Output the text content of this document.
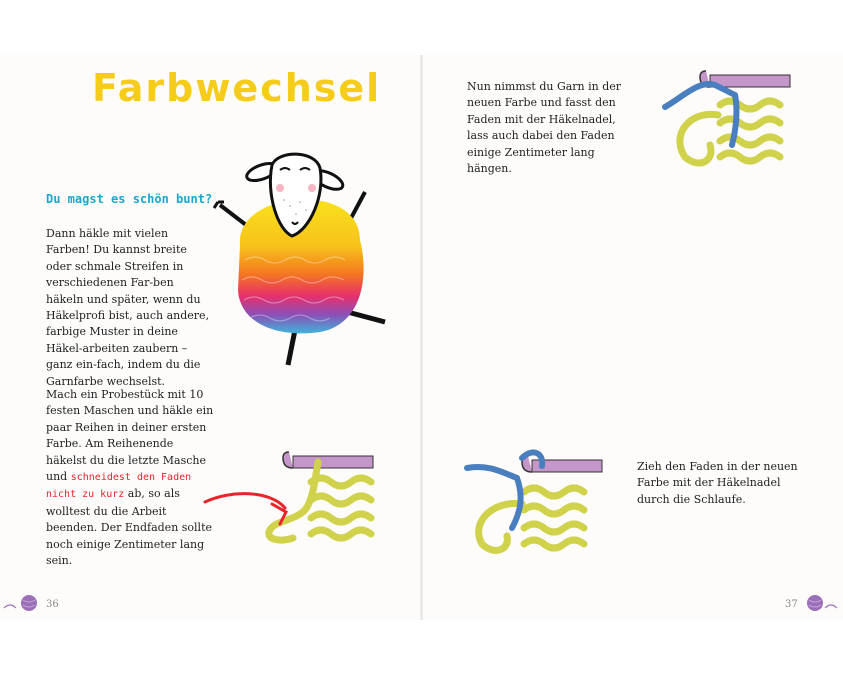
Farbwechsel
Du magst es schön bunt?

Dann häkle mit vielen Farben! Du kannst breite oder schmale Streifen in verschiedenen Far-ben häkeln und später, wenn du Häkelprofi bist, auch andere, farbige Muster in deine Häkel-arbeiten zaubern – ganz ein-fach, indem du die Garnfarbe wechselst.

Mach ein Probestück mit 10 festen Maschen und häkle ein paar Reihen in deiner ersten Farbe. Am Reihenende häkelst du die letzte Masche und schneidest den Faden nicht zu kurz ab, so als wolltest du die Arbeit beenden. Der Endfaden sollte noch einige Zentimeter lang sein.

Nun nimmst du Garn in der neuen Farbe und fasst den Faden mit der Häkelnadel, lass auch dabei den Faden einige Zentimeter lang hängen.

Zieh den Faden in der neuen Farbe mit der Häkelnadel durch die Schlaufe.

36	37
